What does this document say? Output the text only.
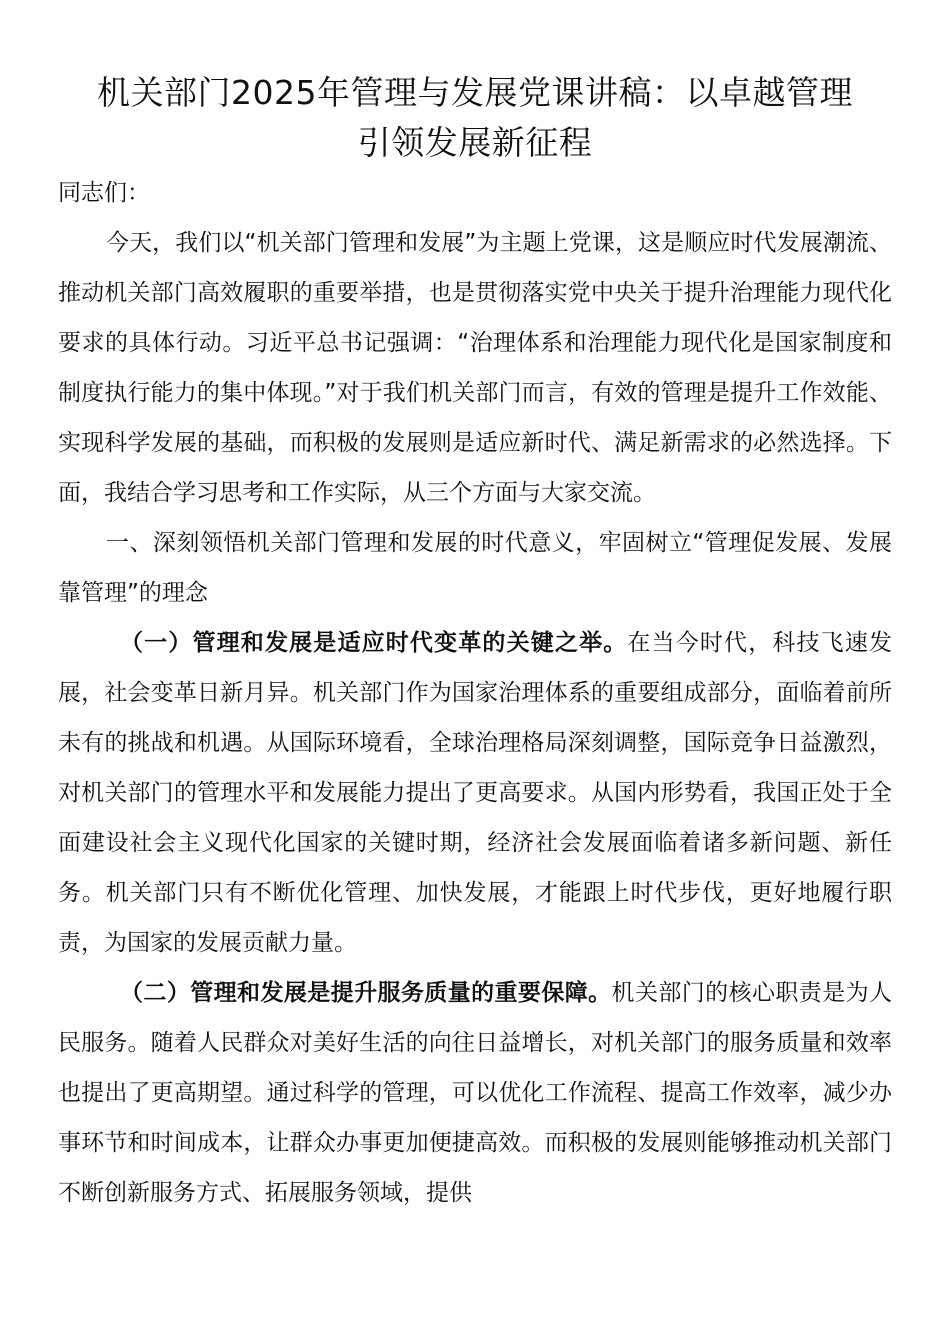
机关部门2025年管理与发展党课讲稿：以卓越管理
引领发展新征程

同志们：

今天，我们以“机关部门管理和发展”为主题上党课，这是顺应时代发展潮流、推动机关部门高效履职的重要举措，也是贯彻落实党中央关于提升治理能力现代化要求的具体行动。习近平总书记强调：“治理体系和治理能力现代化是国家制度和制度执行能力的集中体现。”对于我们机关部门而言，有效的管理是提升工作效能、实现科学发展的基础，而积极的发展则是适应新时代、满足新需求的必然选择。下面，我结合学习思考和工作实际，从三个方面与大家交流。

一、深刻领悟机关部门管理和发展的时代意义，牢固树立“管理促发展、发展靠管理”的理念

（一）管理和发展是适应时代变革的关键之举。在当今时代，科技飞速发展，社会变革日新月异。机关部门作为国家治理体系的重要组成部分，面临着前所未有的挑战和机遇。从国际环境看，全球治理格局深刻调整，国际竞争日益激烈，对机关部门的管理水平和发展能力提出了更高要求。从国内形势看，我国正处于全面建设社会主义现代化国家的关键时期，经济社会发展面临着诸多新问题、新任务。机关部门只有不断优化管理、加快发展，才能跟上时代步伐，更好地履行职责，为国家的发展贡献力量。

（二）管理和发展是提升服务质量的重要保障。机关部门的核心职责是为人民服务。随着人民群众对美好生活的向往日益增长，对机关部门的服务质量和效率也提出了更高期望。通过科学的管理，可以优化工作流程、提高工作效率，减少办事环节和时间成本，让群众办事更加便捷高效。而积极的发展则能够推动机关部门不断创新服务方式、拓展服务领域，提供
